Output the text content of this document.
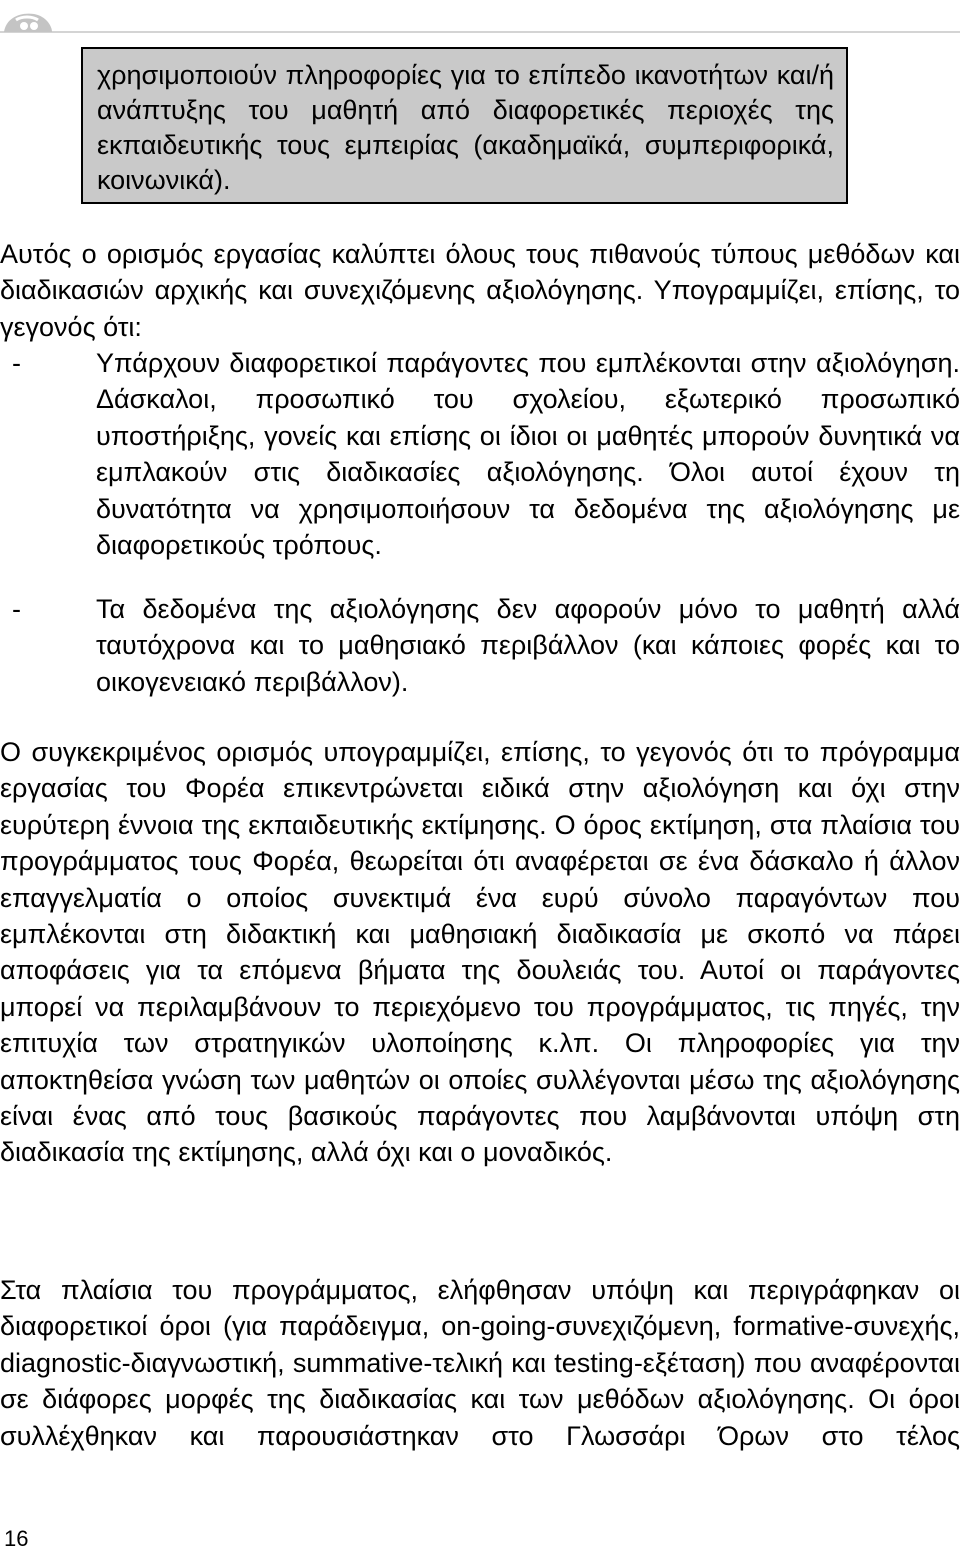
χρησιμοποιούν πληροφορίες για το επίπεδο ικανοτήτων και/ή ανάπτυξης του μαθητή από διαφορετικές περιοχές της εκπαιδευτικής τους εμπειρίας (ακαδημαϊκά, συμπεριφορικά, κοινωνικά).

Αυτός ο ορισμός εργασίας καλύπτει όλους τους πιθανούς τύπους μεθόδων και διαδικασιών αρχικής και συνεχιζόμενης αξιολόγησης. Υπογραμμίζει, επίσης, το γεγονός ότι:

-	Υπάρχουν διαφορετικοί παράγοντες που εμπλέκονται στην αξιολόγηση. Δάσκαλοι, προσωπικό του σχολείου, εξωτερικό προσωπικό υποστήριξης, γονείς και επίσης οι ίδιοι οι μαθητές μπορούν δυνητικά να εμπλακούν στις διαδικασίες αξιολόγησης. Όλοι αυτοί έχουν τη δυνατότητα να χρησιμοποιήσουν τα δεδομένα της αξιολόγησης με διαφορετικούς τρόπους.
-	Τα δεδομένα της αξιολόγησης δεν αφορούν μόνο το μαθητή αλλά ταυτόχρονα και το μαθησιακό περιβάλλον (και κάποιες φορές και το οικογενειακό περιβάλλον).

Ο συγκεκριμένος ορισμός υπογραμμίζει, επίσης, το γεγονός ότι το πρόγραμμα εργασίας του Φορέα επικεντρώνεται ειδικά στην αξιολόγηση και όχι στην ευρύτερη έννοια της εκπαιδευτικής εκτίμησης. Ο όρος εκτίμηση, στα πλαίσια του προγράμματος τους Φορέα, θεωρείται ότι αναφέρεται σε ένα δάσκαλο ή άλλον επαγγελματία ο οποίος συνεκτιμά ένα ευρύ σύνολο παραγόντων που εμπλέκονται στη διδακτική και μαθησιακή διαδικασία με σκοπό να πάρει αποφάσεις για τα επόμενα βήματα της δουλειάς του. Αυτοί οι παράγοντες μπορεί να περιλαμβάνουν το περιεχόμενο του προγράμματος, τις πηγές, την επιτυχία των στρατηγικών υλοποίησης κ.λπ. Οι πληροφορίες για την αποκτηθείσα γνώση των μαθητών οι οποίες συλλέγονται μέσω της αξιολόγησης είναι ένας από τους βασικούς παράγοντες που λαμβάνονται υπόψη στη διαδικασία της εκτίμησης, αλλά όχι και ο μοναδικός.

Στα πλαίσια του προγράμματος, ελήφθησαν υπόψη και περιγράφηκαν οι διαφορετικοί όροι (για παράδειγμα, on-going-συνεχιζόμενη, formative-συνεχής, diagnostic-διαγνωστική, summative-τελική και testing-εξέταση) που αναφέρονται σε διάφορες μορφές της διαδικασίας και των μεθόδων αξιολόγησης. Οι όροι συλλέχθηκαν και παρουσιάστηκαν στο Γλωσσάρι Όρων στο τέλος

16
